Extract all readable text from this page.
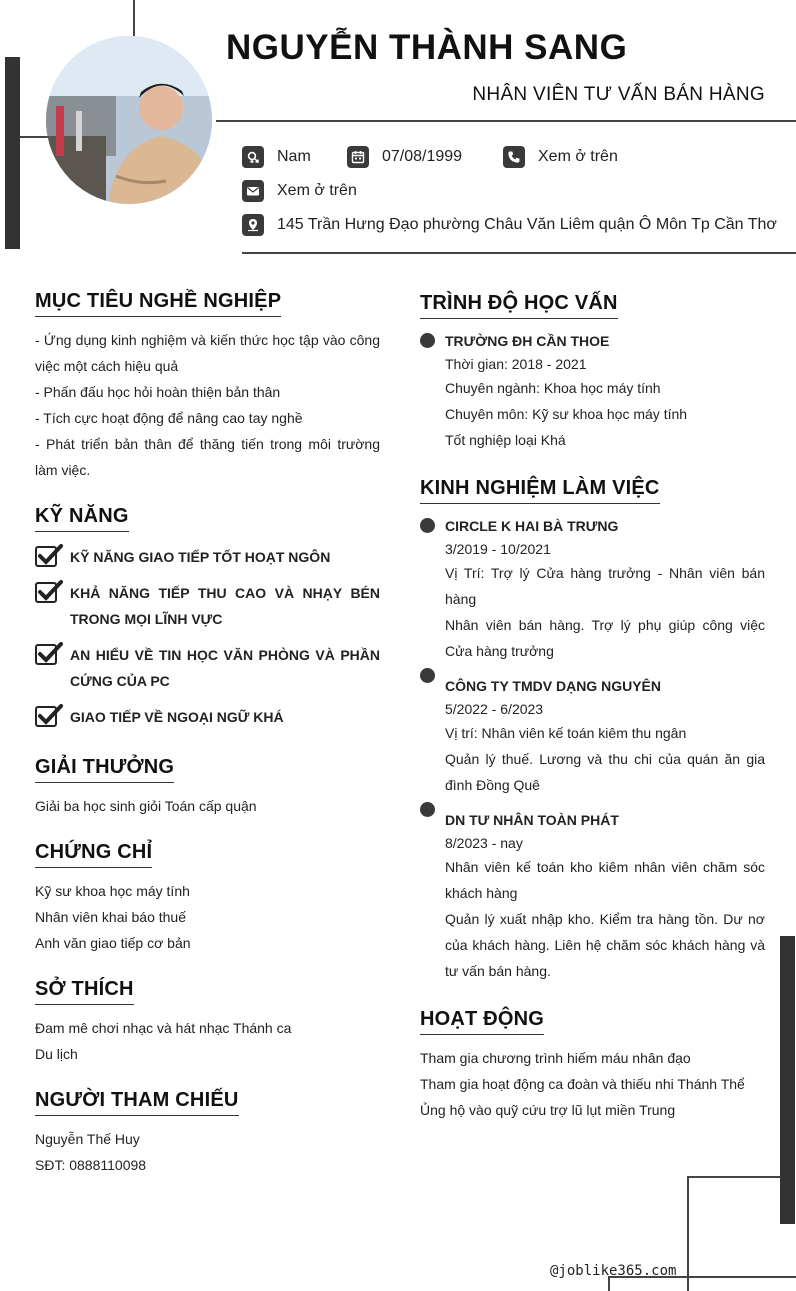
NGUYỄN THÀNH SANG
NHÂN VIÊN TƯ VẤN BÁN HÀNG
Nam	07/08/1999	Xem ở trên
Xem ở trên
145 Trần Hưng Đạo phường Châu Văn Liêm quận Ô Môn Tp Cần Thơ
MỤC TIÊU NGHỀ NGHIỆP
- Ứng dụng kinh nghiệm và kiến thức học tập vào công việc một cách hiệu quả
- Phấn đấu học hỏi hoàn thiện bản thân
- Tích cực hoạt động để nâng cao tay nghề
- Phát triển bản thân để thăng tiến trong môi trường làm việc.
KỸ NĂNG
KỸ NĂNG GIAO TIẾP TỐT HOẠT NGÔN
KHẢ NĂNG TIẾP THU CAO VÀ NHẠY BÉN TRONG MỌI LĨNH VỰC
AN HIỂU VỀ TIN HỌC VĂN PHÒNG VÀ PHẦN CỨNG CỦA PC
GIAO TIẾP VỀ NGOẠI NGỮ KHÁ
GIẢI THƯỞNG
Giải ba học sinh giỏi Toán cấp quận
CHỨNG CHỈ
Kỹ sư khoa học máy tính
Nhân viên khai báo thuế
Anh văn giao tiếp cơ bản
SỞ THÍCH
Đam mê chơi nhạc và hát nhạc Thánh ca
Du lịch
NGƯỜI THAM CHIẾU
Nguyễn Thế Huy
SĐT: 0888110098
TRÌNH ĐỘ HỌC VẤN
TRƯỜNG ĐH CẦN THOE
Thời gian: 2018 - 2021
Chuyên ngành: Khoa học máy tính
Chuyên môn: Kỹ sư khoa học máy tính
Tốt nghiệp loại Khá
KINH NGHIỆM LÀM VIỆC
CIRCLE K HAI BÀ TRƯNG
3/2019 - 10/2021
Vị Trí: Trợ lý Cửa hàng trưởng - Nhân viên bán hàng
Nhân viên bán hàng. Trợ lý phụ giúp công việc Cửa hàng trưởng
CÔNG TY TMDV DẠNG NGUYÊN
5/2022 - 6/2023
Vị trí: Nhân viên kế toán kiêm thu ngân
Quản lý thuế. Lương và thu chi của quán ăn gia đình Đồng Quê
DN TƯ NHÂN TOÀN PHÁT
8/2023 - nay
Nhân viên kế toán kho kiêm nhân viên chăm sóc khách hàng
Quản lý xuất nhập kho. Kiểm tra hàng tồn. Dư nơ của khách hàng. Liên hệ chăm sóc khách hàng và tư vấn bán hàng.
HOẠT ĐỘNG
Tham gia chương trình hiếm máu nhân đạo
Tham gia hoạt động ca đoàn và thiếu nhi Thánh Thể
Ủng hộ vào quỹ cứu trợ lũ lụt miền Trung
@joblike365.com
